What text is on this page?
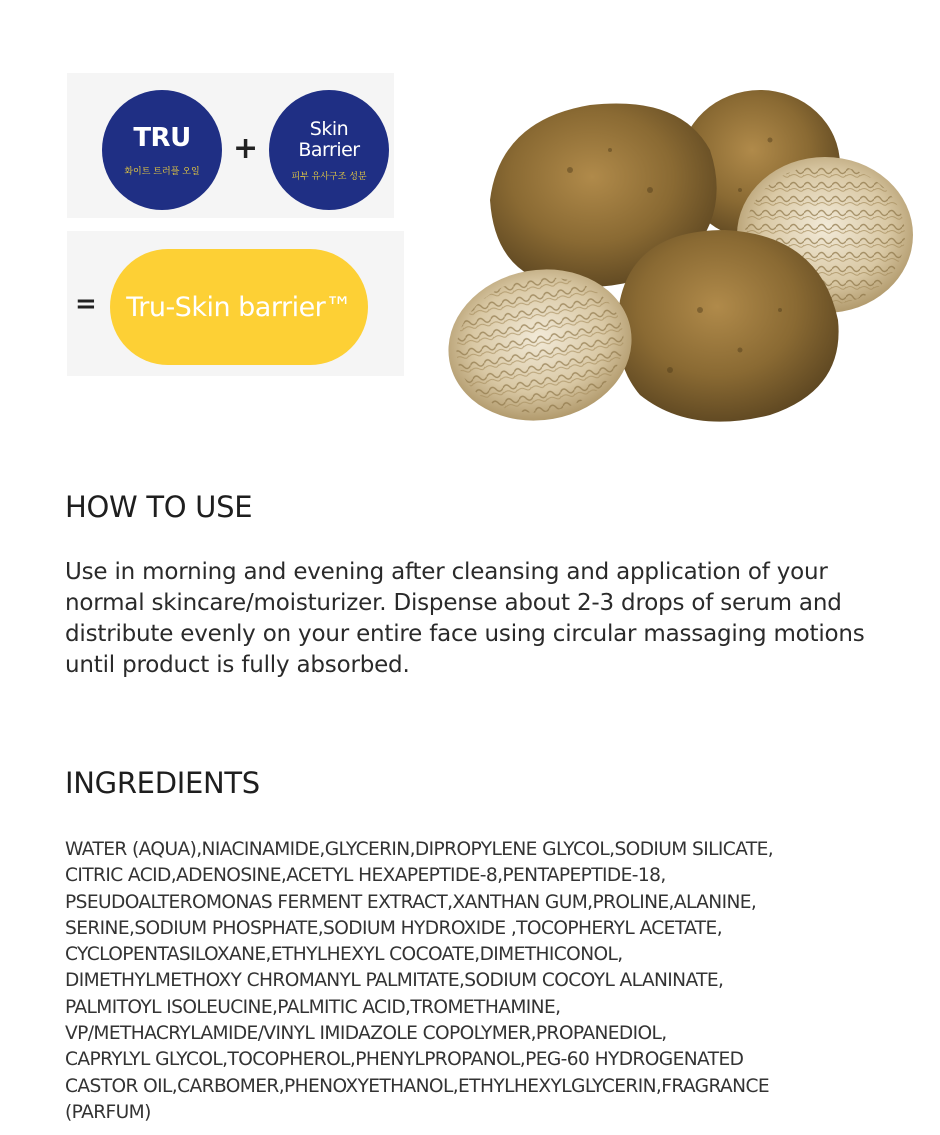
TRU
화이트 트러플 오일
+
Skin
Barrier
피부 유사구조 성분
=	Tru-Skin barrier™
HOW TO USE

Use in morning and evening after cleansing and application of your normal skincare/moisturizer. Dispense about 2-3 drops of serum and distribute evenly on your entire face using circular massaging motions until product is fully absorbed.

INGREDIENTS
WATER (AQUA),NIACINAMIDE,GLYCERIN,DIPROPYLENE GLYCOL,SODIUM SILICATE,
CITRIC ACID,ADENOSINE,ACETYL HEXAPEPTIDE-8,PENTAPEPTIDE-18,
PSEUDOALTEROMONAS FERMENT EXTRACT,XANTHAN GUM,PROLINE,ALANINE,
SERINE,SODIUM PHOSPHATE,SODIUM HYDROXIDE ,TOCOPHERYL ACETATE,
CYCLOPENTASILOXANE,ETHYLHEXYL COCOATE,DIMETHICONOL,
DIMETHYLMETHOXY CHROMANYL PALMITATE,SODIUM COCOYL ALANINATE,
PALMITOYL ISOLEUCINE,PALMITIC ACID,TROMETHAMINE,
VP/METHACRYLAMIDE/VINYL IMIDAZOLE COPOLYMER,PROPANEDIOL,
CAPRYLYL GLYCOL,TOCOPHEROL,PHENYLPROPANOL,PEG-60 HYDROGENATED
CASTOR OIL,CARBOMER,PHENOXYETHANOL,ETHYLHEXYLGLYCERIN,FRAGRANCE
(PARFUM)
